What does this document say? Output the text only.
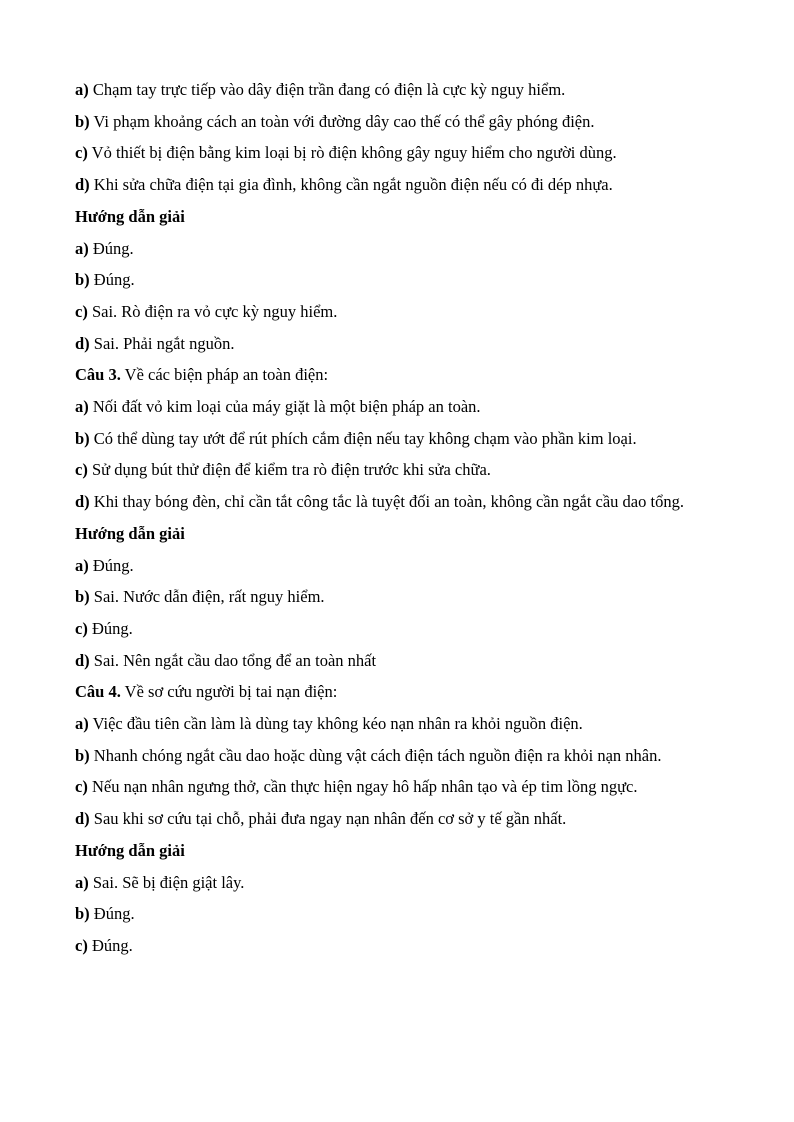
a) Chạm tay trực tiếp vào dây điện trần đang có điện là cực kỳ nguy hiểm.

b) Vi phạm khoảng cách an toàn với đường dây cao thế có thể gây phóng điện.

c) Vỏ thiết bị điện bằng kim loại bị rò điện không gây nguy hiểm cho người dùng.

d) Khi sửa chữa điện tại gia đình, không cần ngắt nguồn điện nếu có đi dép nhựa.

Hướng dẫn giải

a) Đúng.

b) Đúng.

c) Sai. Rò điện ra vỏ cực kỳ nguy hiểm.

d) Sai. Phải ngắt nguồn.

Câu 3. Về các biện pháp an toàn điện:

a) Nối đất vỏ kim loại của máy giặt là một biện pháp an toàn.

b) Có thể dùng tay ướt để rút phích cắm điện nếu tay không chạm vào phần kim loại.

c) Sử dụng bút thử điện để kiểm tra rò điện trước khi sửa chữa.

d) Khi thay bóng đèn, chỉ cần tắt công tắc là tuyệt đối an toàn, không cần ngắt cầu dao tổng.

Hướng dẫn giải

a) Đúng.

b) Sai. Nước dẫn điện, rất nguy hiểm.

c) Đúng.

d) Sai. Nên ngắt cầu dao tổng để an toàn nhất

Câu 4. Về sơ cứu người bị tai nạn điện:

a) Việc đầu tiên cần làm là dùng tay không kéo nạn nhân ra khỏi nguồn điện.

b) Nhanh chóng ngắt cầu dao hoặc dùng vật cách điện tách nguồn điện ra khỏi nạn nhân.

c) Nếu nạn nhân ngưng thở, cần thực hiện ngay hô hấp nhân tạo và ép tim lồng ngực.

d) Sau khi sơ cứu tại chỗ, phải đưa ngay nạn nhân đến cơ sở y tế gần nhất.

Hướng dẫn giải

a) Sai. Sẽ bị điện giật lây.

b) Đúng.

c) Đúng.
